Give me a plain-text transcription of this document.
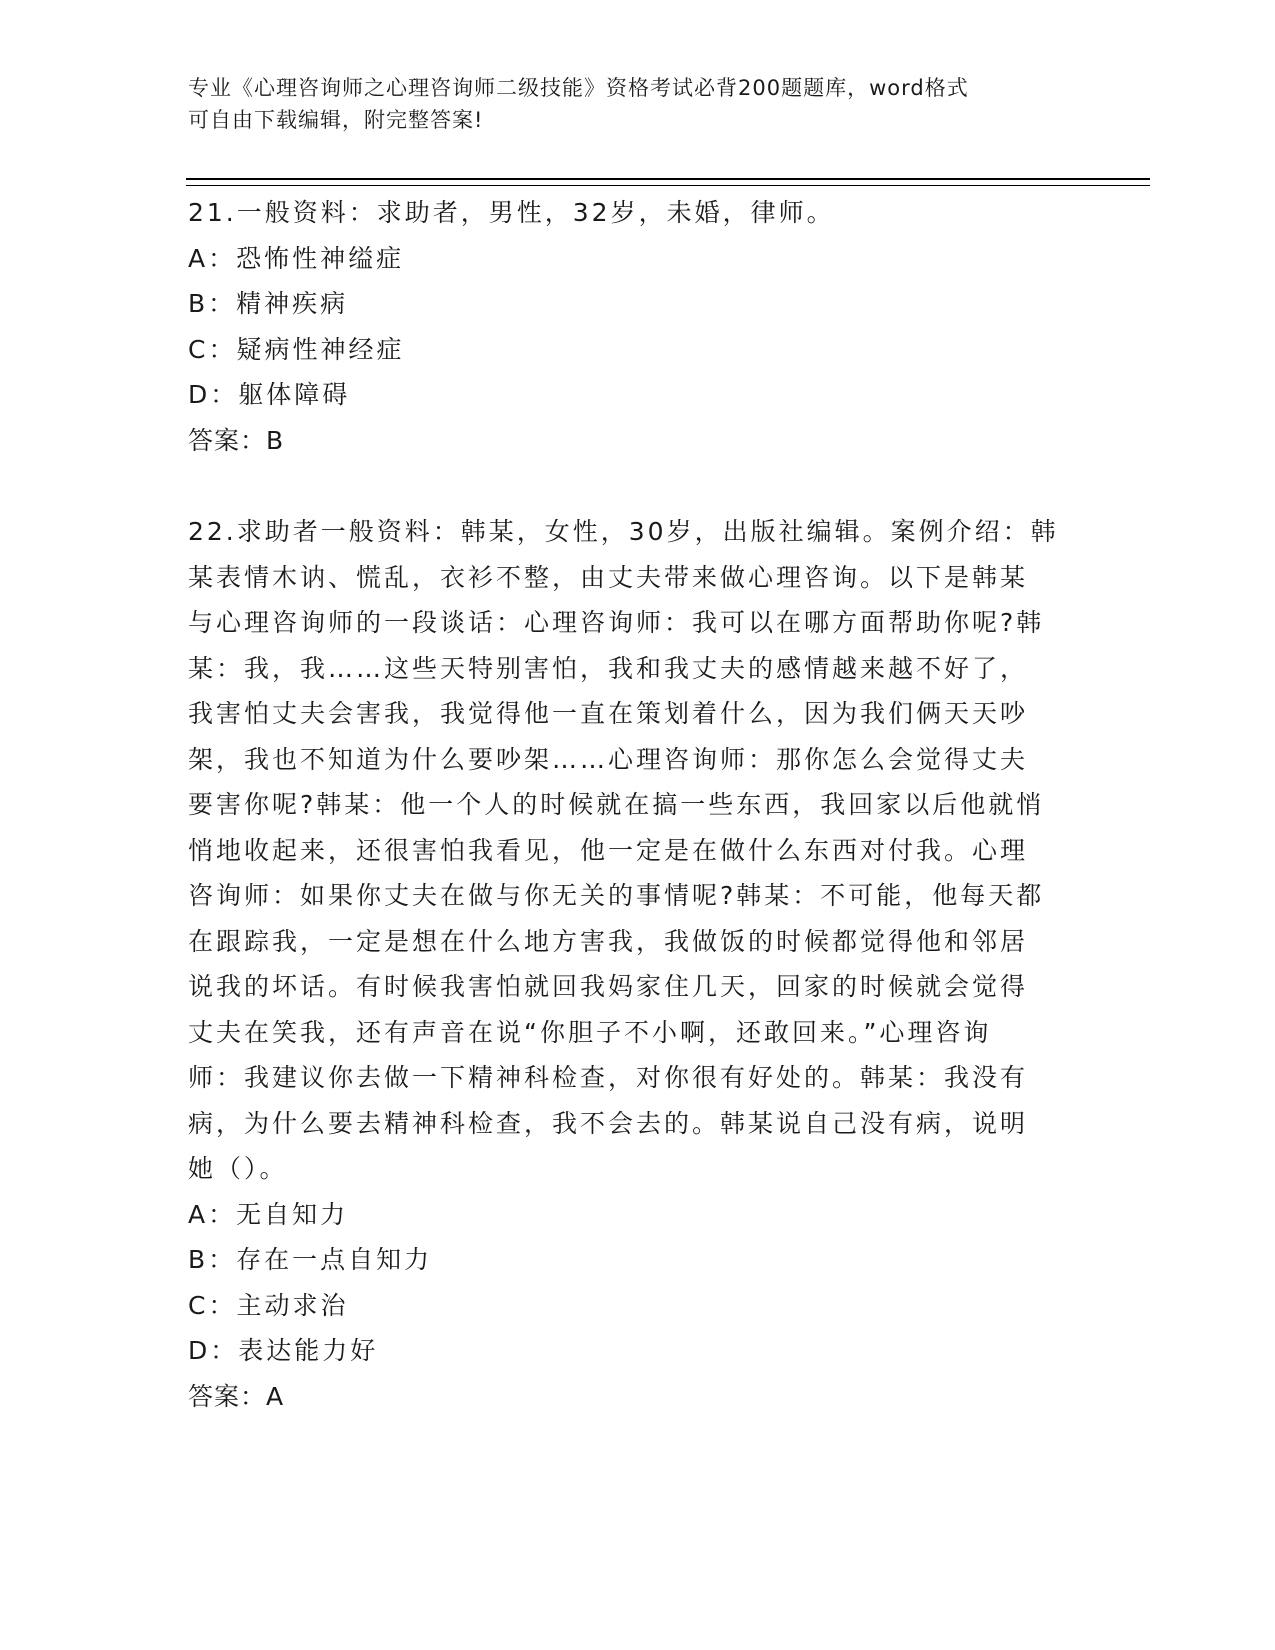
专业《心理咨询师之心理咨询师二级技能》资格考试必背200题题库，word格式
可自由下载编辑，附完整答案!
21.一般资料：求助者，男性，32岁，未婚，律师。
A：恐怖性神缢症
B：精神疾病
C：疑病性神经症
D：躯体障碍
答案：B
22.求助者一般资料：韩某，女性，30岁，出版社编辑。案例介绍：韩
某表情木讷、慌乱，衣衫不整，由丈夫带来做心理咨询。以下是韩某
与心理咨询师的一段谈话：心理咨询师：我可以在哪方面帮助你呢?韩
某：我，我……这些天特别害怕，我和我丈夫的感情越来越不好了，
我害怕丈夫会害我，我觉得他一直在策划着什么，因为我们俩天天吵
架，我也不知道为什么要吵架……心理咨询师：那你怎么会觉得丈夫
要害你呢?韩某：他一个人的时候就在搞一些东西，我回家以后他就悄
悄地收起来，还很害怕我看见，他一定是在做什么东西对付我。心理
咨询师：如果你丈夫在做与你无关的事情呢?韩某：不可能，他每天都
在跟踪我，一定是想在什么地方害我，我做饭的时候都觉得他和邻居
说我的坏话。有时候我害怕就回我妈家住几天，回家的时候就会觉得
丈夫在笑我，还有声音在说“你胆子不小啊，还敢回来。”心理咨询
师：我建议你去做一下精神科检查，对你很有好处的。韩某：我没有
病，为什么要去精神科检查，我不会去的。韩某说自己没有病，说明
她（）。
A：无自知力
B：存在一点自知力
C：主动求治
D：表达能力好
答案：A
